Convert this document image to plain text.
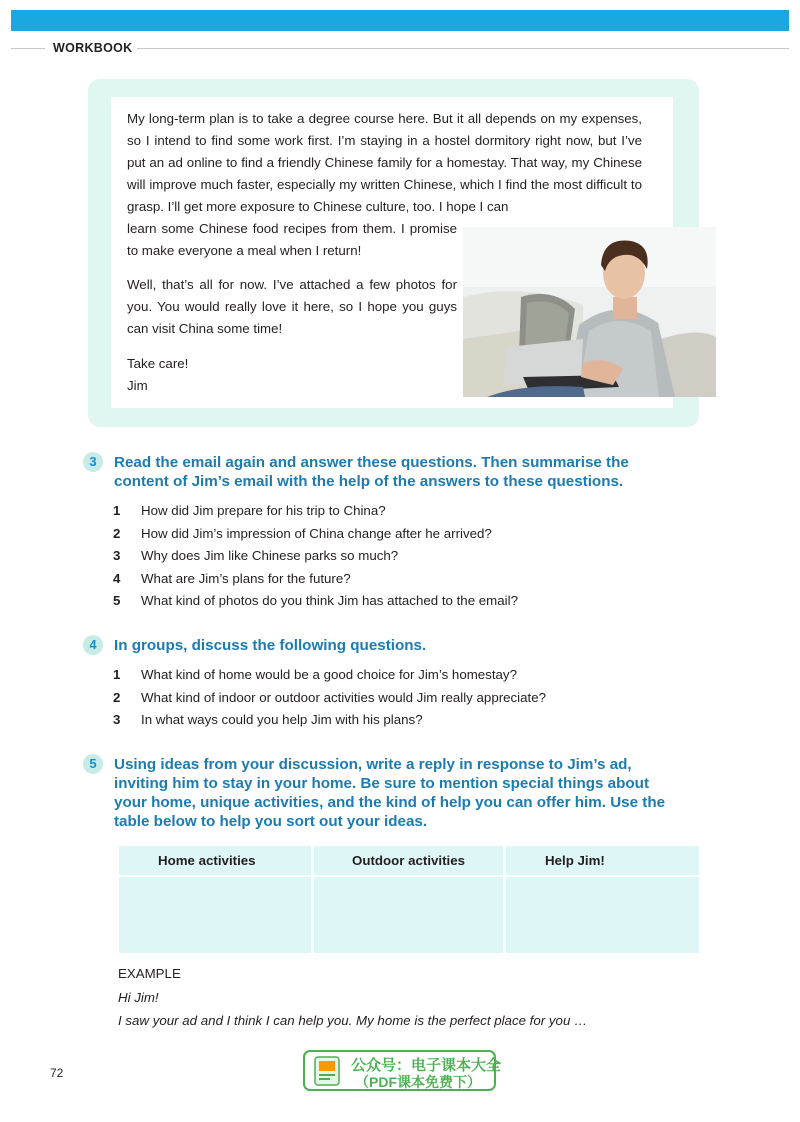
WORKBOOK
My long-term plan is to take a degree course here. But it all depends on my expenses, so I intend to find some work first. I’m staying in a hostel dormitory right now, but I’ve put an ad online to find a friendly Chinese family for a homestay. That way, my Chinese will improve much faster, especially my written Chinese, which I find the most difficult to grasp. I’ll get more exposure to Chinese culture, too. I hope I can
learn some Chinese food recipes from them. I promise to make everyone a meal when I return!
Well, that’s all for now. I’ve attached a few photos for you. You would really love it here, so I hope you guys can visit China some time!
Take care!
Jim
3	Read the email again and answer these questions. Then summarise the
content of Jim’s email with the help of the answers to these questions.
1	How did Jim prepare for his trip to China?
2	How did Jim’s impression of China change after he arrived?
3	Why does Jim like Chinese parks so much?
4	What are Jim’s plans for the future?
5	What kind of photos do you think Jim has attached to the email?
4	In groups, discuss the following questions.
1	What kind of home would be a good choice for Jim’s homestay?
2	What kind of indoor or outdoor activities would Jim really appreciate?
3	In what ways could you help Jim with his plans?
5	Using ideas from your discussion, write a reply in response to Jim’s ad,
inviting him to stay in your home. Be sure to mention special things about
your home, unique activities, and the kind of help you can offer him. Use the
table below to help you sort out your ideas.
Home activities	Outdoor activities	Help Jim!
EXAMPLE
Hi Jim!
I saw your ad and I think I can help you. My home is the perfect place for you …
72	公众号：电子课本大全
（PDF课本免费下）
